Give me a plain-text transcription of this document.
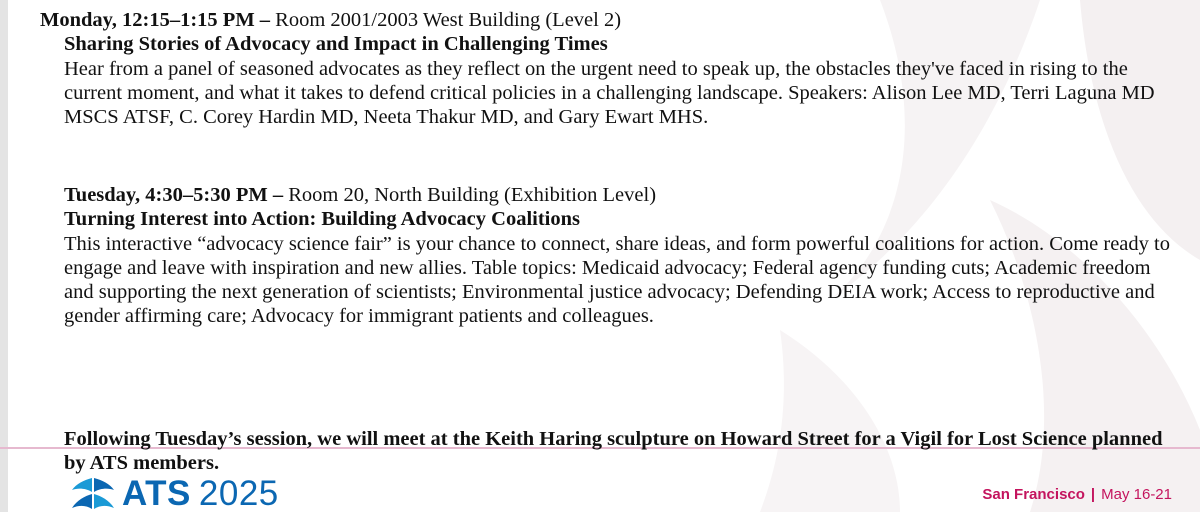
Monday, 12:15–1:15 PM – Room 2001/2003 West Building (Level 2)

Sharing Stories of Advocacy and Impact in Challenging Times

Hear from a panel of seasoned advocates as they reflect on the urgent need to speak up, the obstacles they've faced in rising to the current moment, and what it takes to defend critical policies in a challenging landscape. Speakers: Alison Lee MD, Terri Laguna MD MSCS ATSF, C. Corey Hardin MD, Neeta Thakur MD, and Gary Ewart MHS.

Tuesday, 4:30–5:30 PM – Room 20, North Building (Exhibition Level)

Turning Interest into Action: Building Advocacy Coalitions

This interactive “advocacy science fair” is your chance to connect, share ideas, and form powerful coalitions for action. Come ready to engage and leave with inspiration and new allies. Table topics: Medicaid advocacy; Federal agency funding cuts; Academic freedom and supporting the next generation of scientists; Environmental justice advocacy; Defending DEIA work; Access to reproductive and gender affirming care; Advocacy for immigrant patients and colleagues.

Following Tuesday’s session, we will meet at the Keith Haring sculpture on Howard Street for a Vigil for Lost Science planned by ATS members.

ATS 2025	San Francisco | May 16-21
